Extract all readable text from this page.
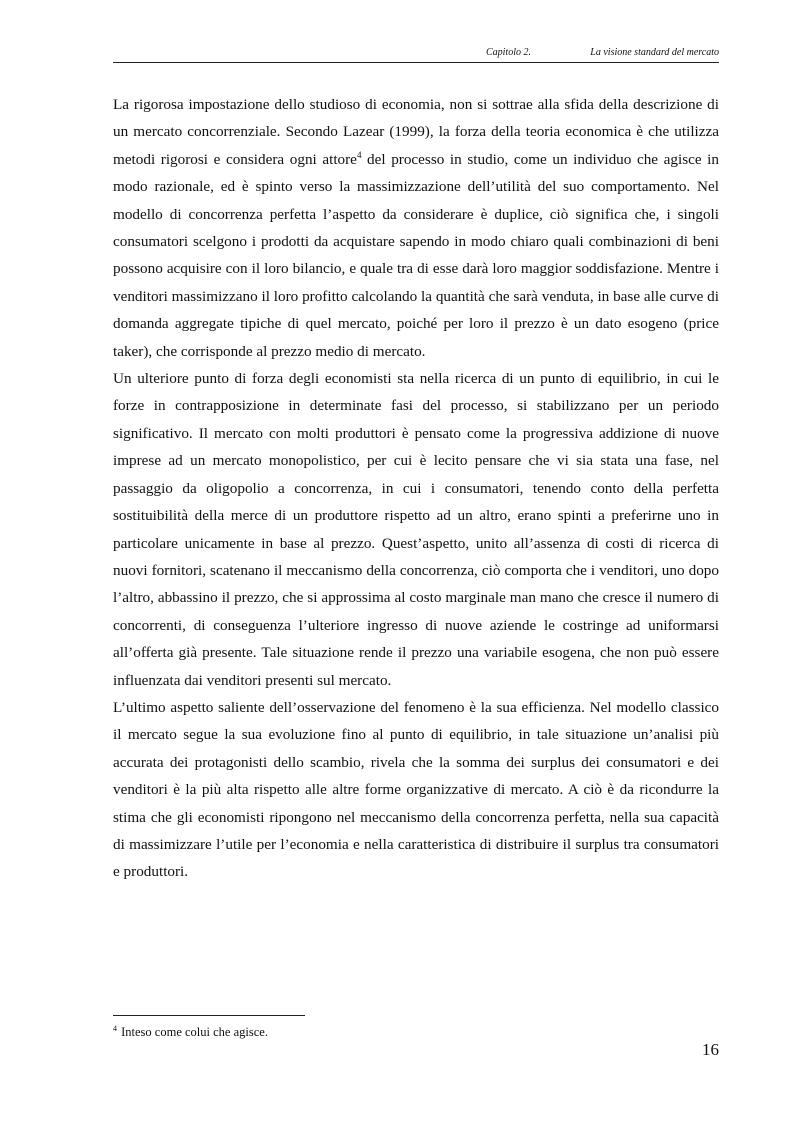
Capitolo 2.	La visione standard del mercato

La rigorosa impostazione dello studioso di economia, non si sottrae alla sfida della descrizione di un mercato concorrenziale. Secondo Lazear (1999), la forza della teoria economica è che utilizza metodi rigorosi e considera ogni attore$^4$ del processo in studio, come un individuo che agisce in modo razionale, ed è spinto verso la massimizzazione dell’utilità del suo comportamento. Nel modello di concorrenza perfetta l’aspetto da considerare è duplice, ciò significa che, i singoli consumatori scelgono i prodotti da acquistare sapendo in modo chiaro quali combinazioni di beni possono acquisire con il loro bilancio, e quale tra di esse darà loro maggior soddisfazione. Mentre i venditori massimizzano il loro profitto calcolando la quantità che sarà venduta, in base alle curve di domanda aggregate tipiche di quel mercato, poiché per loro il prezzo è un dato esogeno (price taker), che corrisponde al prezzo medio di mercato.

Un ulteriore punto di forza degli economisti sta nella ricerca di un punto di equilibrio, in cui le forze in contrapposizione in determinate fasi del processo, si stabilizzano per un periodo significativo. Il mercato con molti produttori è pensato come la progressiva addizione di nuove imprese ad un mercato monopolistico, per cui è lecito pensare che vi sia stata una fase, nel passaggio da oligopolio a concorrenza, in cui i consumatori, tenendo conto della perfetta sostituibilità della merce di un produttore rispetto ad un altro, erano spinti a preferirne uno in particolare unicamente in base al prezzo. Quest’aspetto, unito all’assenza di costi di ricerca di nuovi fornitori, scatenano il meccanismo della concorrenza, ciò comporta che i venditori, uno dopo l’altro, abbassino il prezzo, che si approssima al costo marginale man mano che cresce il numero di concorrenti, di conseguenza l’ulteriore ingresso di nuove aziende le costringe ad uniformarsi all’offerta già presente. Tale situazione rende il prezzo una variabile esogena, che non può essere influenzata dai venditori presenti sul mercato.

L’ultimo aspetto saliente dell’osservazione del fenomeno è la sua efficienza. Nel modello classico il mercato segue la sua evoluzione fino al punto di equilibrio, in tale situazione un’analisi più accurata dei protagonisti dello scambio, rivela che la somma dei surplus dei consumatori e dei venditori è la più alta rispetto alle altre forme organizzative di mercato. A ciò è da ricondurre la stima che gli economisti ripongono nel meccanismo della concorrenza perfetta, nella sua capacità di massimizzare l’utile per l’economia e nella caratteristica di distribuire il surplus tra consumatori e produttori.

$^4$ Inteso come colui che agisce.
16
